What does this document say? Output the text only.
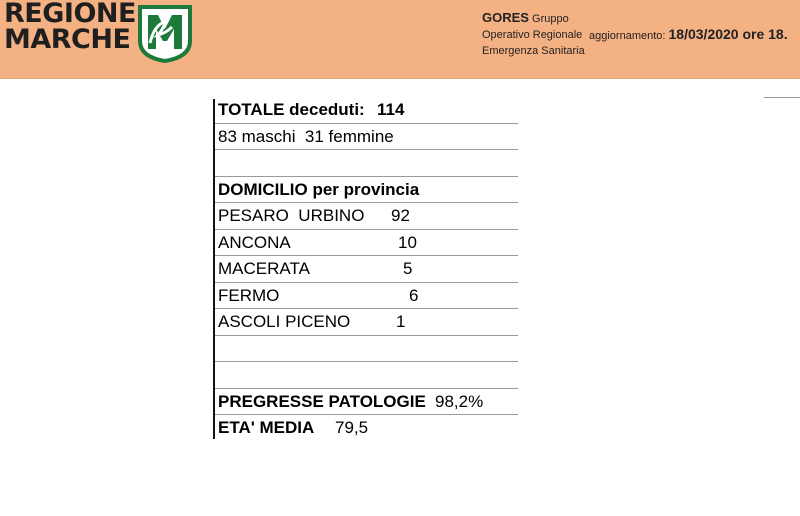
REGIONE
MARCHE
GORES Gruppo
Operativo Regionale
Emergenza Sanitaria
aggiornamento: 18/03/2020 ore 18.
TOTALE deceduti: 114
83 maschi  31 femmine
DOMICILIO per provincia
PESARO  URBINO 92
ANCONA	10
MACERATA	5
FERMO	6
ASCOLI PICENO	1
PREGRESSE PATOLOGIE 98,2%
ETA' MEDIA 79,5
